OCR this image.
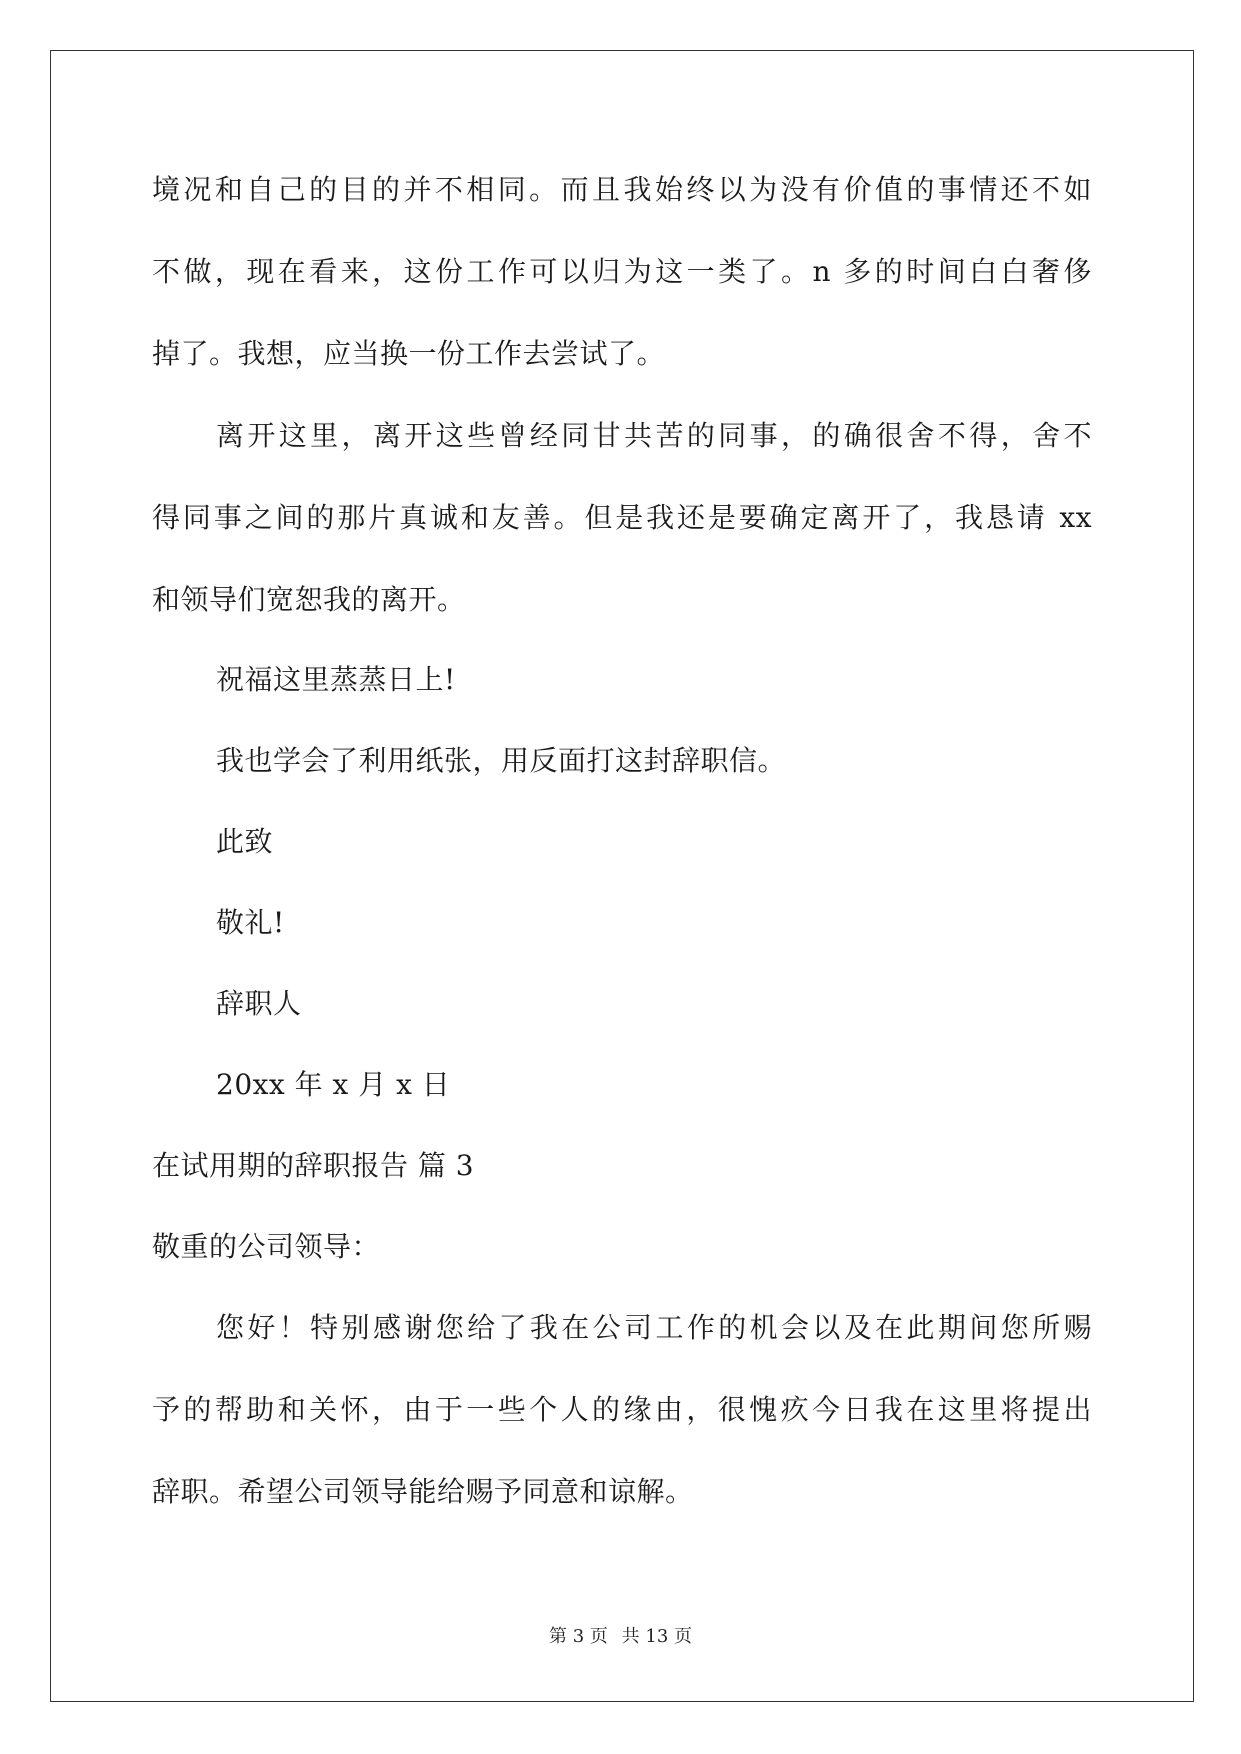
境况和自己的目的并不相同。而且我始终以为没有价值的事情还不如
不做，现在看来，这份工作可以归为这一类了。n 多的时间白白奢侈
掉了。我想，应当换一份工作去尝试了。
离开这里，离开这些曾经同甘共苦的同事，的确很舍不得，舍不
得同事之间的那片真诚和友善。但是我还是要确定离开了，我恳请 xx
和领导们宽恕我的离开。
祝福这里蒸蒸日上!
我也学会了利用纸张，用反面打这封辞职信。
此致
敬礼!
辞职人
20xx 年 x 月 x 日
在试用期的辞职报告 篇 3
敬重的公司领导：
您好！特别感谢您给了我在公司工作的机会以及在此期间您所赐
予的帮助和关怀，由于一些个人的缘由，很愧疚今日我在这里将提出
辞职。希望公司领导能给赐予同意和谅解。
第 3 页 共 13 页
